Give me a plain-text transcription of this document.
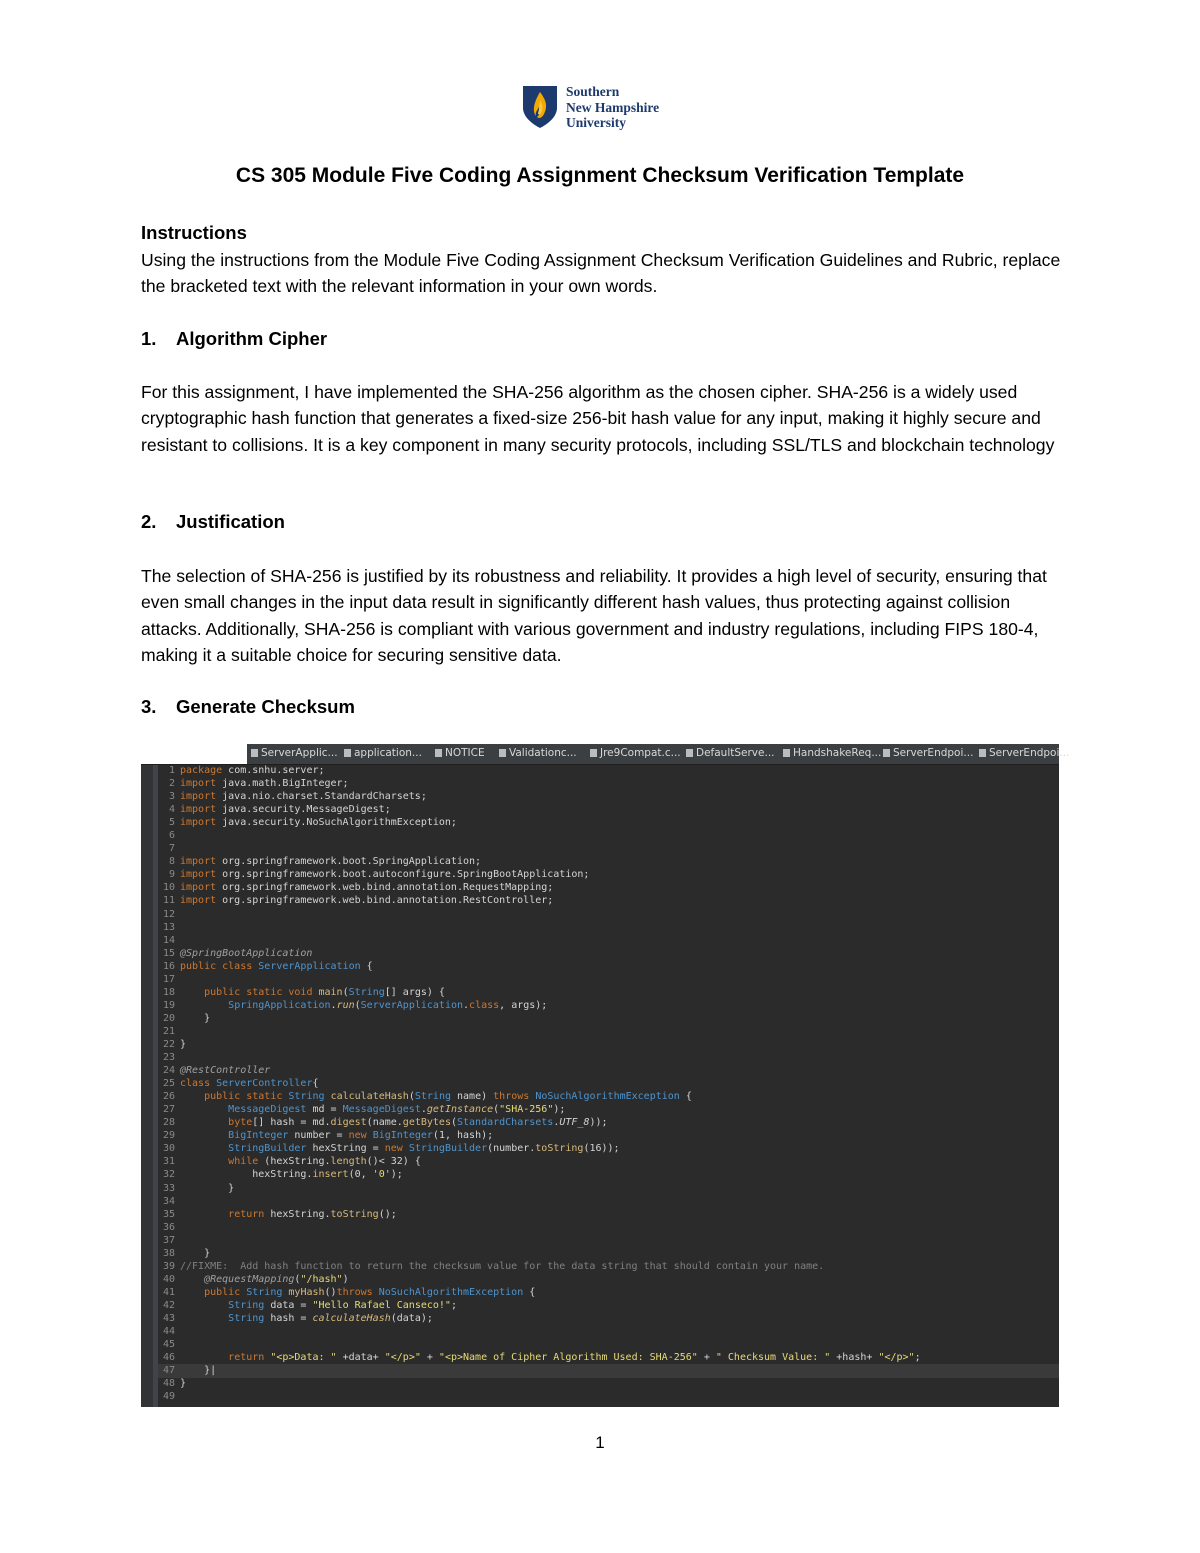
Southern
New Hampshire
University
CS 305 Module Five Coding Assignment Checksum Verification Template
Instructions
Using the instructions from the Module Five Coding Assignment Checksum Verification Guidelines and Rubric, replace the bracketed text with the relevant information in your own words.
1. Algorithm Cipher
For this assignment, I have implemented the SHA-256 algorithm as the chosen cipher. SHA-256 is a widely used cryptographic hash function that generates a fixed-size 256-bit hash value for any input, making it highly secure and resistant to collisions. It is a key component in many security protocols, including SSL/TLS and blockchain technology
2. Justification
The selection of SHA-256 is justified by its robustness and reliability. It provides a high level of security, ensuring that even small changes in the input data result in significantly different hash values, thus protecting against collision attacks. Additionally, SHA-256 is compliant with various government and industry regulations, including FIPS 180-4, making it a suitable choice for securing sensitive data.
3. Generate Checksum
ServerApplic...	application...	NOTICE	Validationc...	Jre9Compat.c...	DefaultServe...	HandshakeReq...	ServerEndpoi...	ServerEndpoi...
1 package com.snhu.server;
2 import java.math.BigInteger;
3 import java.nio.charset.StandardCharsets;
4 import java.security.MessageDigest;
5 import java.security.NoSuchAlgorithmException;
6
7
8 import org.springframework.boot.SpringApplication;
9 import org.springframework.boot.autoconfigure.SpringBootApplication;
10 import org.springframework.web.bind.annotation.RequestMapping;
11 import org.springframework.web.bind.annotation.RestController;
12
13
14
15 @SpringBootApplication
16 public class ServerApplication {
17
18	public static void main(String[] args) {
19	SpringApplication.run(ServerApplication.class, args);
20	}
21
22 }
23
24 @RestController
25 class ServerController{
26	public static String calculateHash(String name) throws NoSuchAlgorithmException {
27	MessageDigest md = MessageDigest.getInstance("SHA-256");
28	byte[] hash = md.digest(name.getBytes(StandardCharsets.UTF_8));
29	BigInteger number = new BigInteger(1, hash);
30	StringBuilder hexString = new StringBuilder(number.toString(16));
31	while (hexString.length()< 32) {
32            hexString.insert(0, '0');
33	}
34
35	return hexString.toString();
36
37
38	}
39 //FIXME:  Add hash function to return the checksum value for the data string that should contain your name.
40	@RequestMapping("/hash")
41	public String myHash()throws NoSuchAlgorithmException {
42	String data = "Hello Rafael Canseco!";
43	String hash = calculateHash(data);
44
45
46	return "<p>Data: " +data+ "</p>" + "<p>Name of Cipher Algorithm Used: SHA-256" + " Checksum Value: " +hash+ "</p>";
47	}|
48 }
49
1
